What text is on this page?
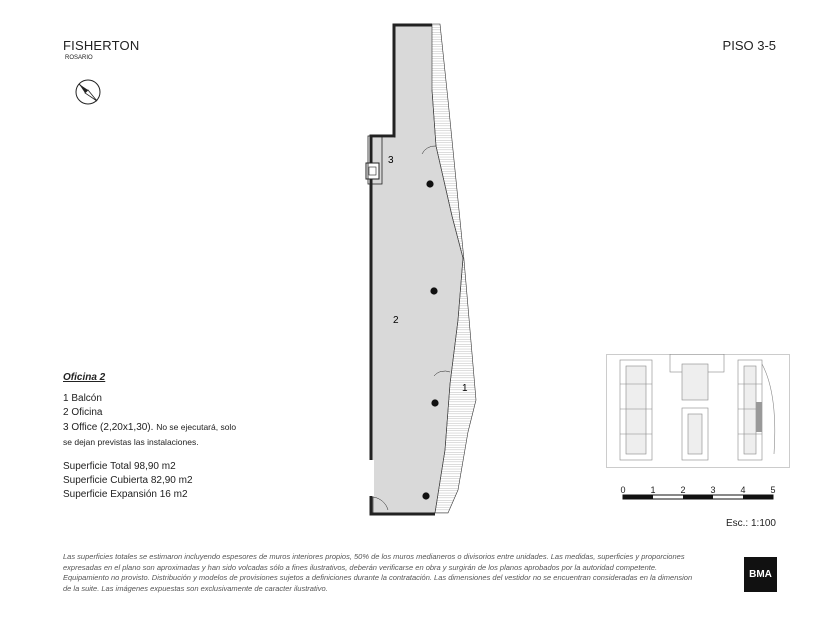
FISHERTON
ROSARIO
PISO 3-5
3
2
1
Oficina 2
1 Balcón
2 Oficina
3 Office (2,20x1,30). No se ejecutará, solo se dejan previstas las instalaciones.
Superficie Total 98,90 m2
Superficie Cubierta 82,90 m2
Superficie Expansión 16 m2	0	1	2	3	4	5
Esc.: 1:100
Las superficies totales se estimaron incluyendo espesores de muros interiores propios, 50% de los muros medianeros o divisorios entre unidades. Las medidas, superficies y proporciones expresadas en el plano son aproximadas y han sido volcadas sólo a fines ilustrativos, deberán verificarse en obra y surgirán de los planos aprobados por la autoridad competente. Equipamiento no provisto. Distribución y modelos de provisiones sujetos a definiciones durante la contratación. Las dimensiones del vestidor no se encuentran consideradas en la dimension de la suite. Las imágenes expuestas son exclusivamente de caracter ilustrativo.
BMA
